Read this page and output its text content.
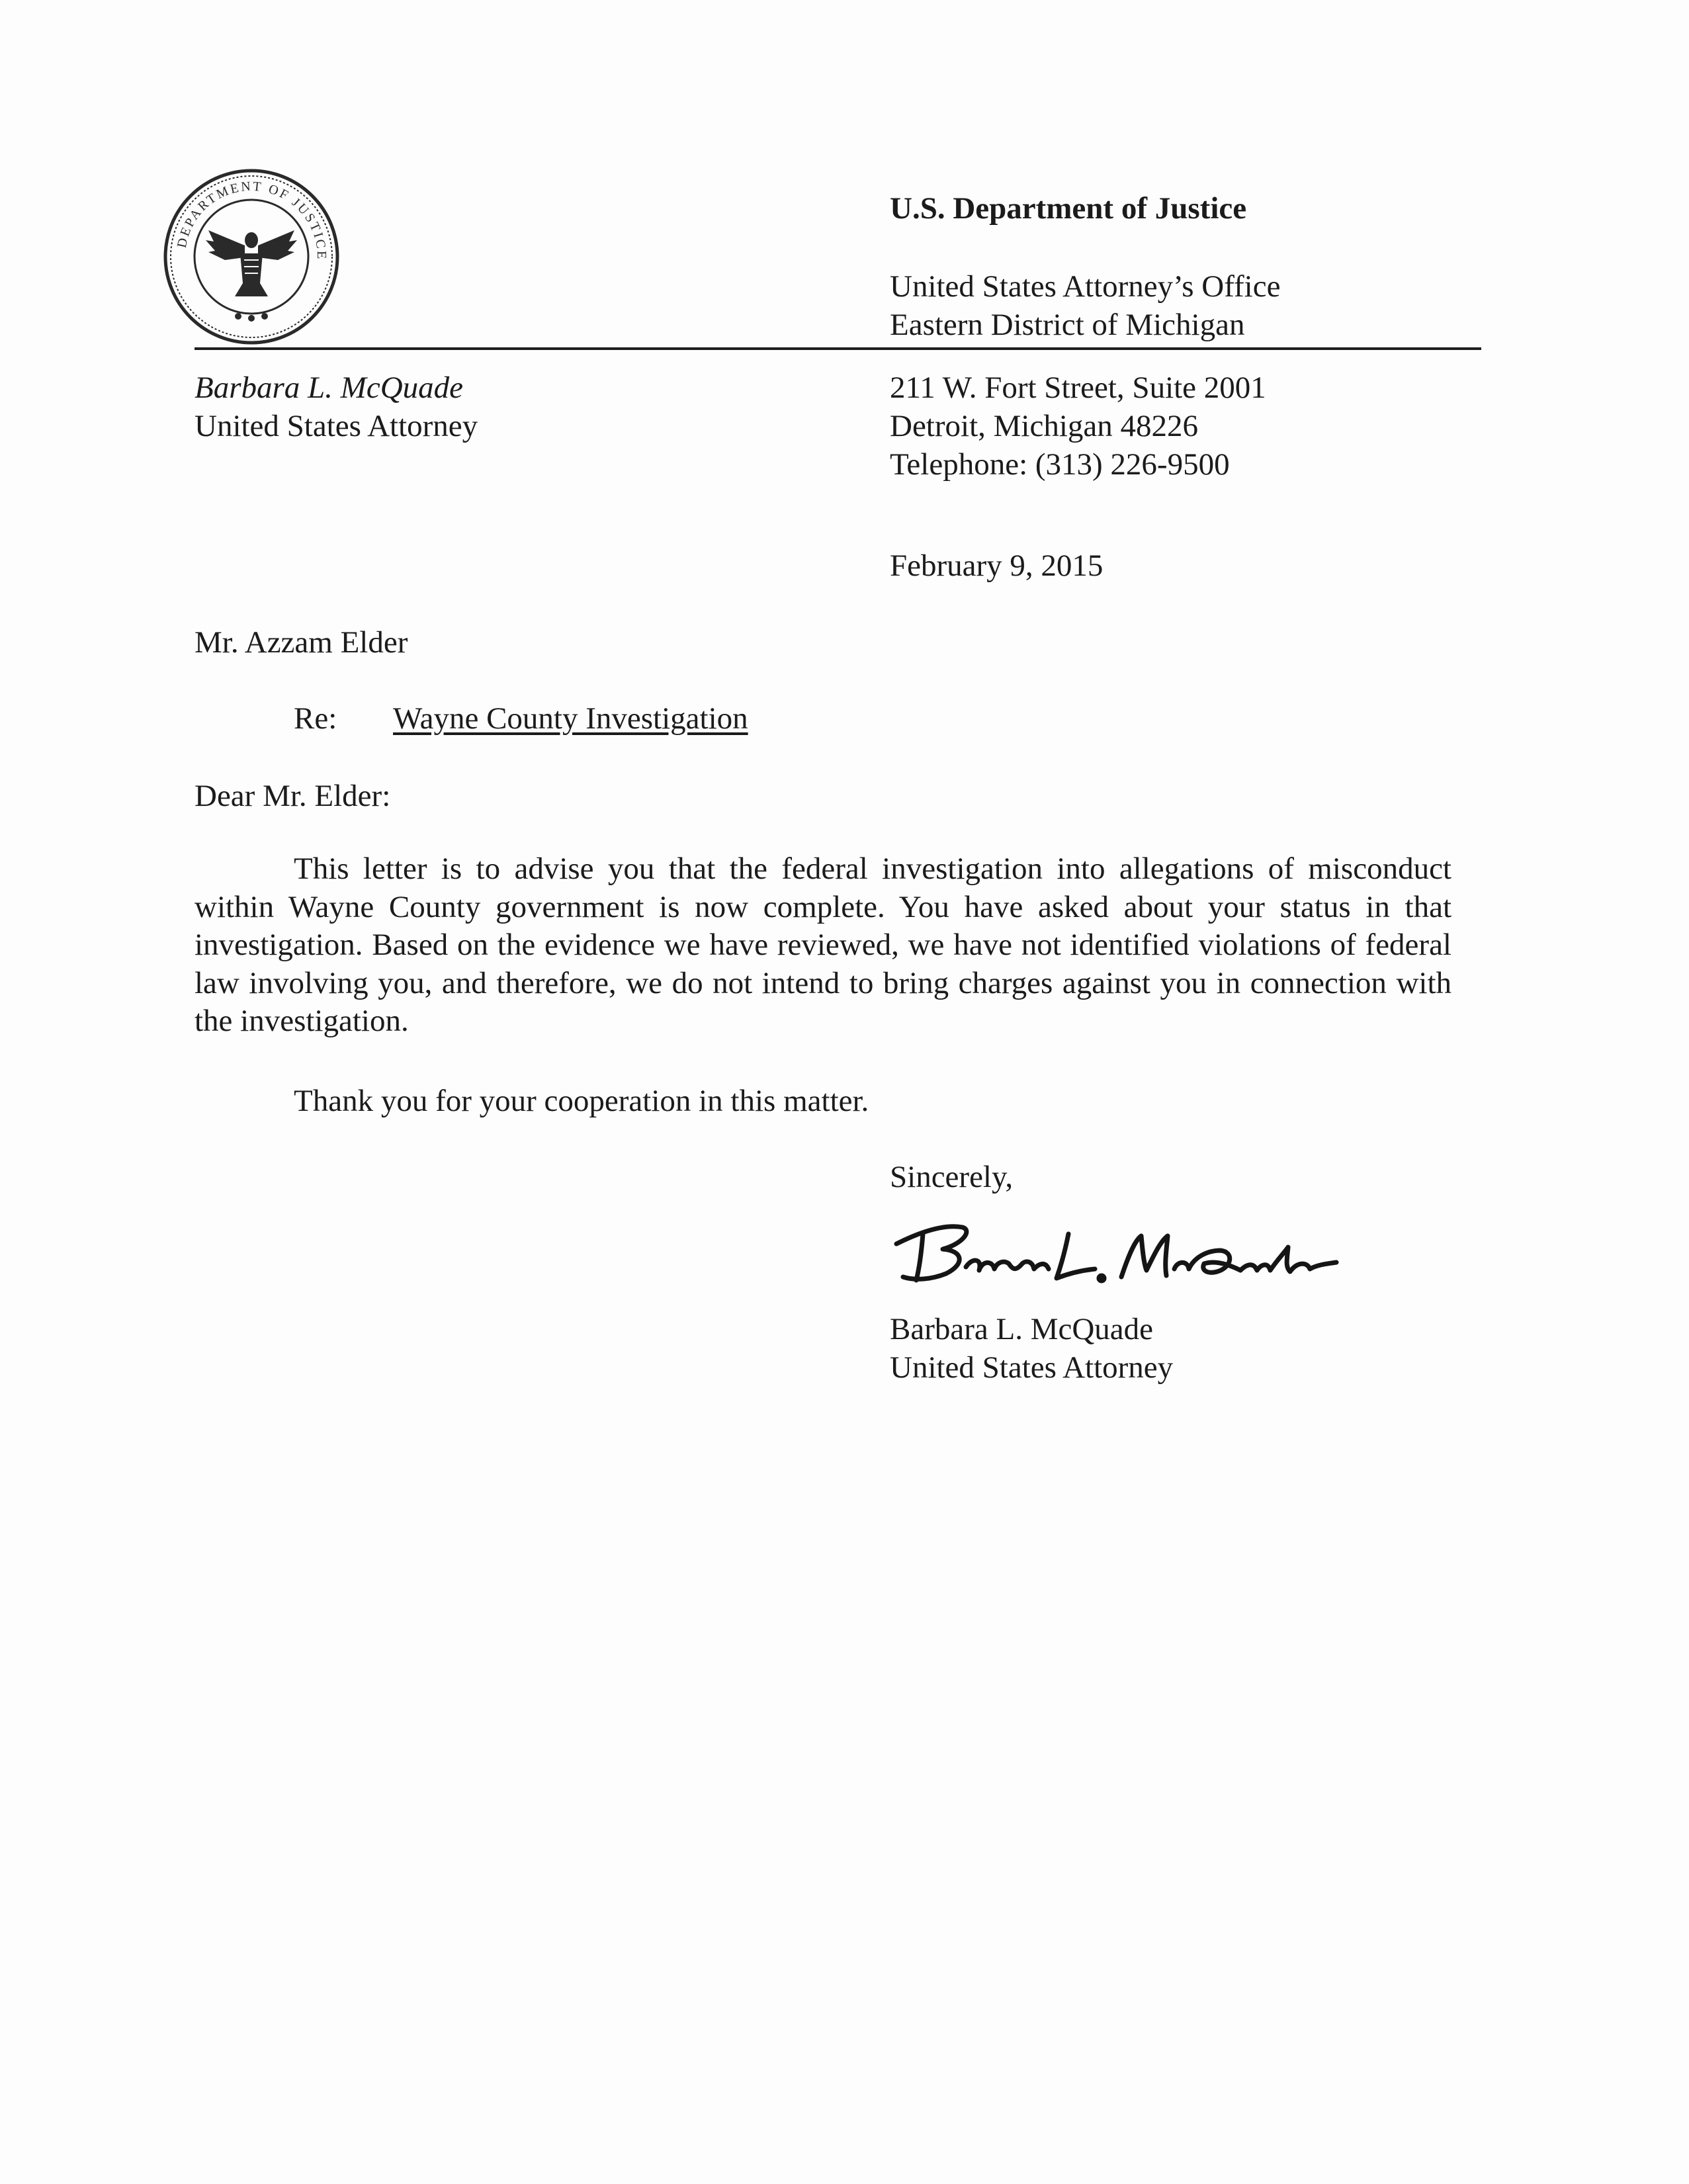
DEPARTMENT OF JUSTICE
U.S. Department of Justice
United States Attorney’s Office
Eastern District of Michigan
Barbara L. McQuade
United States Attorney
211 W. Fort Street, Suite 2001
Detroit, Michigan 48226
Telephone: (313) 226-9500
February 9, 2015
Mr. Azzam Elder
Re: Wayne County Investigation
Dear Mr. Elder:
This letter is to advise you that the federal investigation into allegations of misconduct within Wayne County government is now complete. You have asked about your status in that investigation. Based on the evidence we have reviewed, we have not identified violations of federal law involving you, and therefore, we do not intend to bring charges against you in connection with the investigation.
Thank you for your cooperation in this matter.
Sincerely,
Barbara L. McQuade
United States Attorney
